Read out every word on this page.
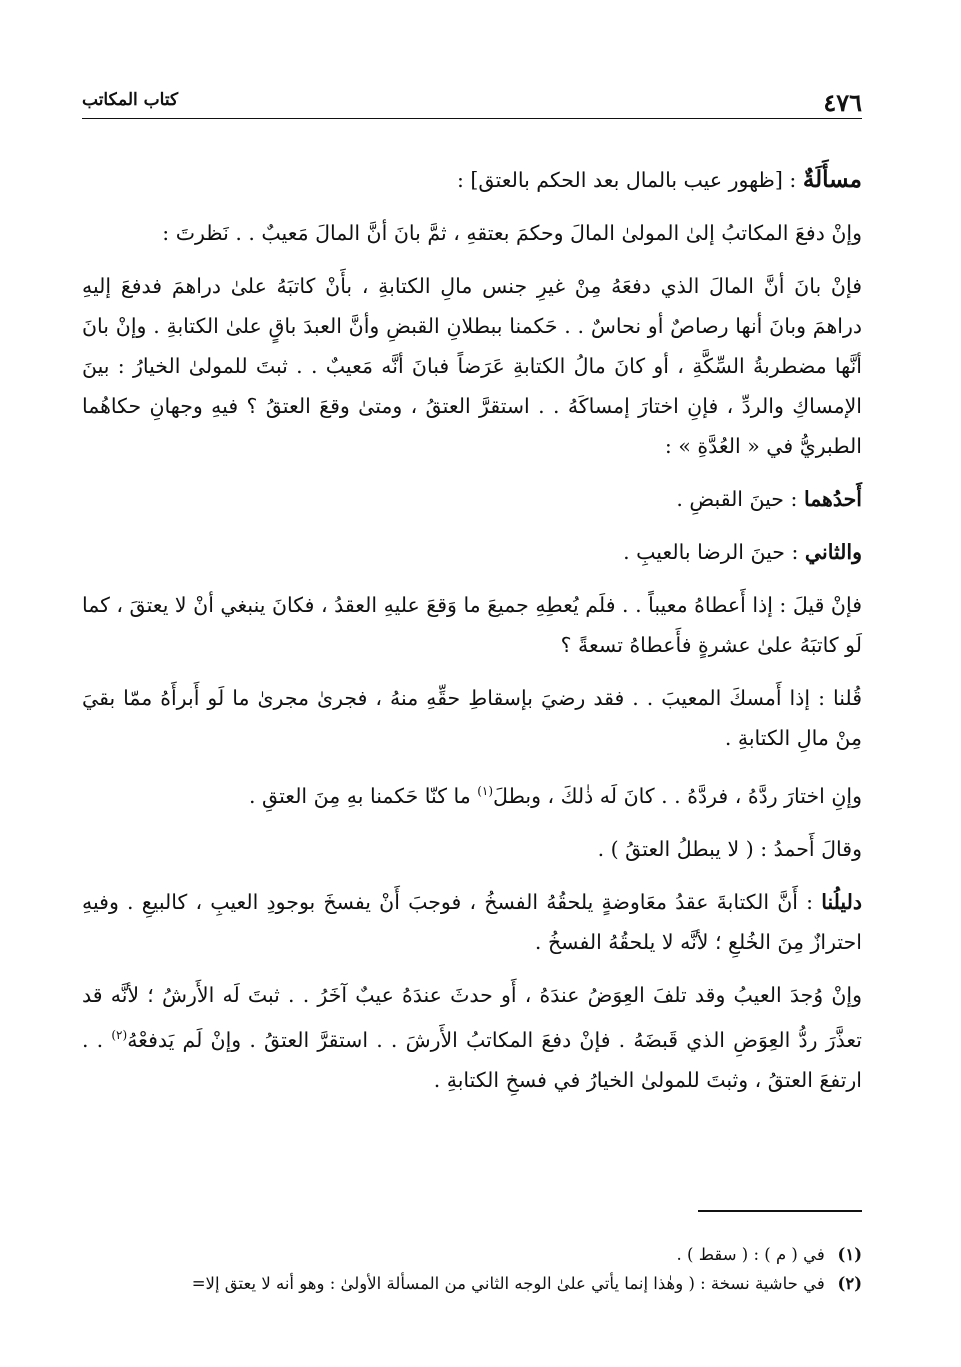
٤٧٦
كتاب المكاتب

مسأَلَةٌ : [ظهور عيب بالمال بعد الحكم بالعتق] :

وإنْ دفعَ المكاتبُ إلىٰ المولىٰ المالَ وحكمَ بعتقهِ ، ثمَّ بانَ أنَّ المالَ مَعيبٌ . . نَظرتَ :

فإنْ بانَ أنَّ المالَ الذي دفعَهُ مِنْ غيرِ جنس مالِ الكتابةِ ، بأَنْ كاتبَهُ علىٰ دراهمَ فدفعَ إليهِ دراهمَ وبانَ أنها رصاصٌ أو نحاسٌ . . حَكمنا ببطلانِ القبضِ وأنَّ العبدَ باقٍ علىٰ الكتابةِ . وإنْ بانَ أنَّها مضطربةُ السِّكَّةِ ، أو كانَ مالُ الكتابةِ عَرَضاً فبانَ أنَّه مَعيبٌ . . ثبتَ للمولىٰ الخيارُ : بينَ الإمساكِ والردِّ ، فإنِ اختارَ إمساكَهُ . . استقرَّ العتقُ ، ومتىٰ وقعَ العتقُ ؟ فيهِ وجهانِ حكاهُما الطبريُّ في « العُدَّةِ » :

أَحدُهما : حينَ القبضِ .

والثاني : حينَ الرضا بالعيبِ .

فإنْ قيلَ : إذا أَعطاهُ معيباً . . فلَم يُعطِهِ جميعَ ما وَقعَ عليهِ العقدُ ، فكانَ ينبغي أنْ لا يعتقَ ، كما لَو كاتبَهُ علىٰ عشرةٍ فأَعطاهُ تسعةً ؟

قُلنا : إذا أَمسكَ المعيبَ . . فقد رضيَ بإسقاطِ حقِّهِ منهُ ، فجرىٰ مجرىٰ ما لَو أَبرأَهُ ممّا بقيَ مِنْ مالِ الكتابةِ .

وإنِ اختارَ ردَّهُ ، فردَّهُ . . كانَ لَه ذٰلكَ ، وبطلَ$^{(١)}$ ما كنّا حَكمنا بهِ مِنَ العتقِ .

وقالَ أَحمدُ : ( لا يبطلُ العتقُ ) .

دليلُنا : أَنَّ الكتابةَ عقدُ معَاوضةٍ يلحقُهُ الفسخُ ، فوجبَ أَنْ يفسخَ بوجودِ العيبِ ، كالبيعِ . وفيهِ احترازٌ مِنَ الخُلعِ ؛ لأنَّه لا يلحقُهُ الفسخُ .

وإنْ وُجدَ العيبُ وقد تلفَ العِوَضُ عندَهُ ، أَو حدثَ عندَهُ عيبٌ آخَرُ . . ثبتَ لَه الأَرشُ ؛ لأنَّه قد تعذَّرَ ردُّ العِوَضِ الذي قَبضَهُ . فإنْ دفعَ المكاتبُ الأَرشَ . . استقرَّ العتقُ . وإنْ لَم يَدفعْهُ$^{(٢)}$ . . ارتفعَ العتقُ ، وثبتَ للمولىٰ الخيارُ في فسخِ الكتابةِ .

(١) في ( م ) : ( سقط ) .
(٢) في حاشية نسخة : ( وهٰذا إنما يأتي علىٰ الوجه الثاني من المسألة الأولىٰ : وهو أنه لا يعتق إلا=
